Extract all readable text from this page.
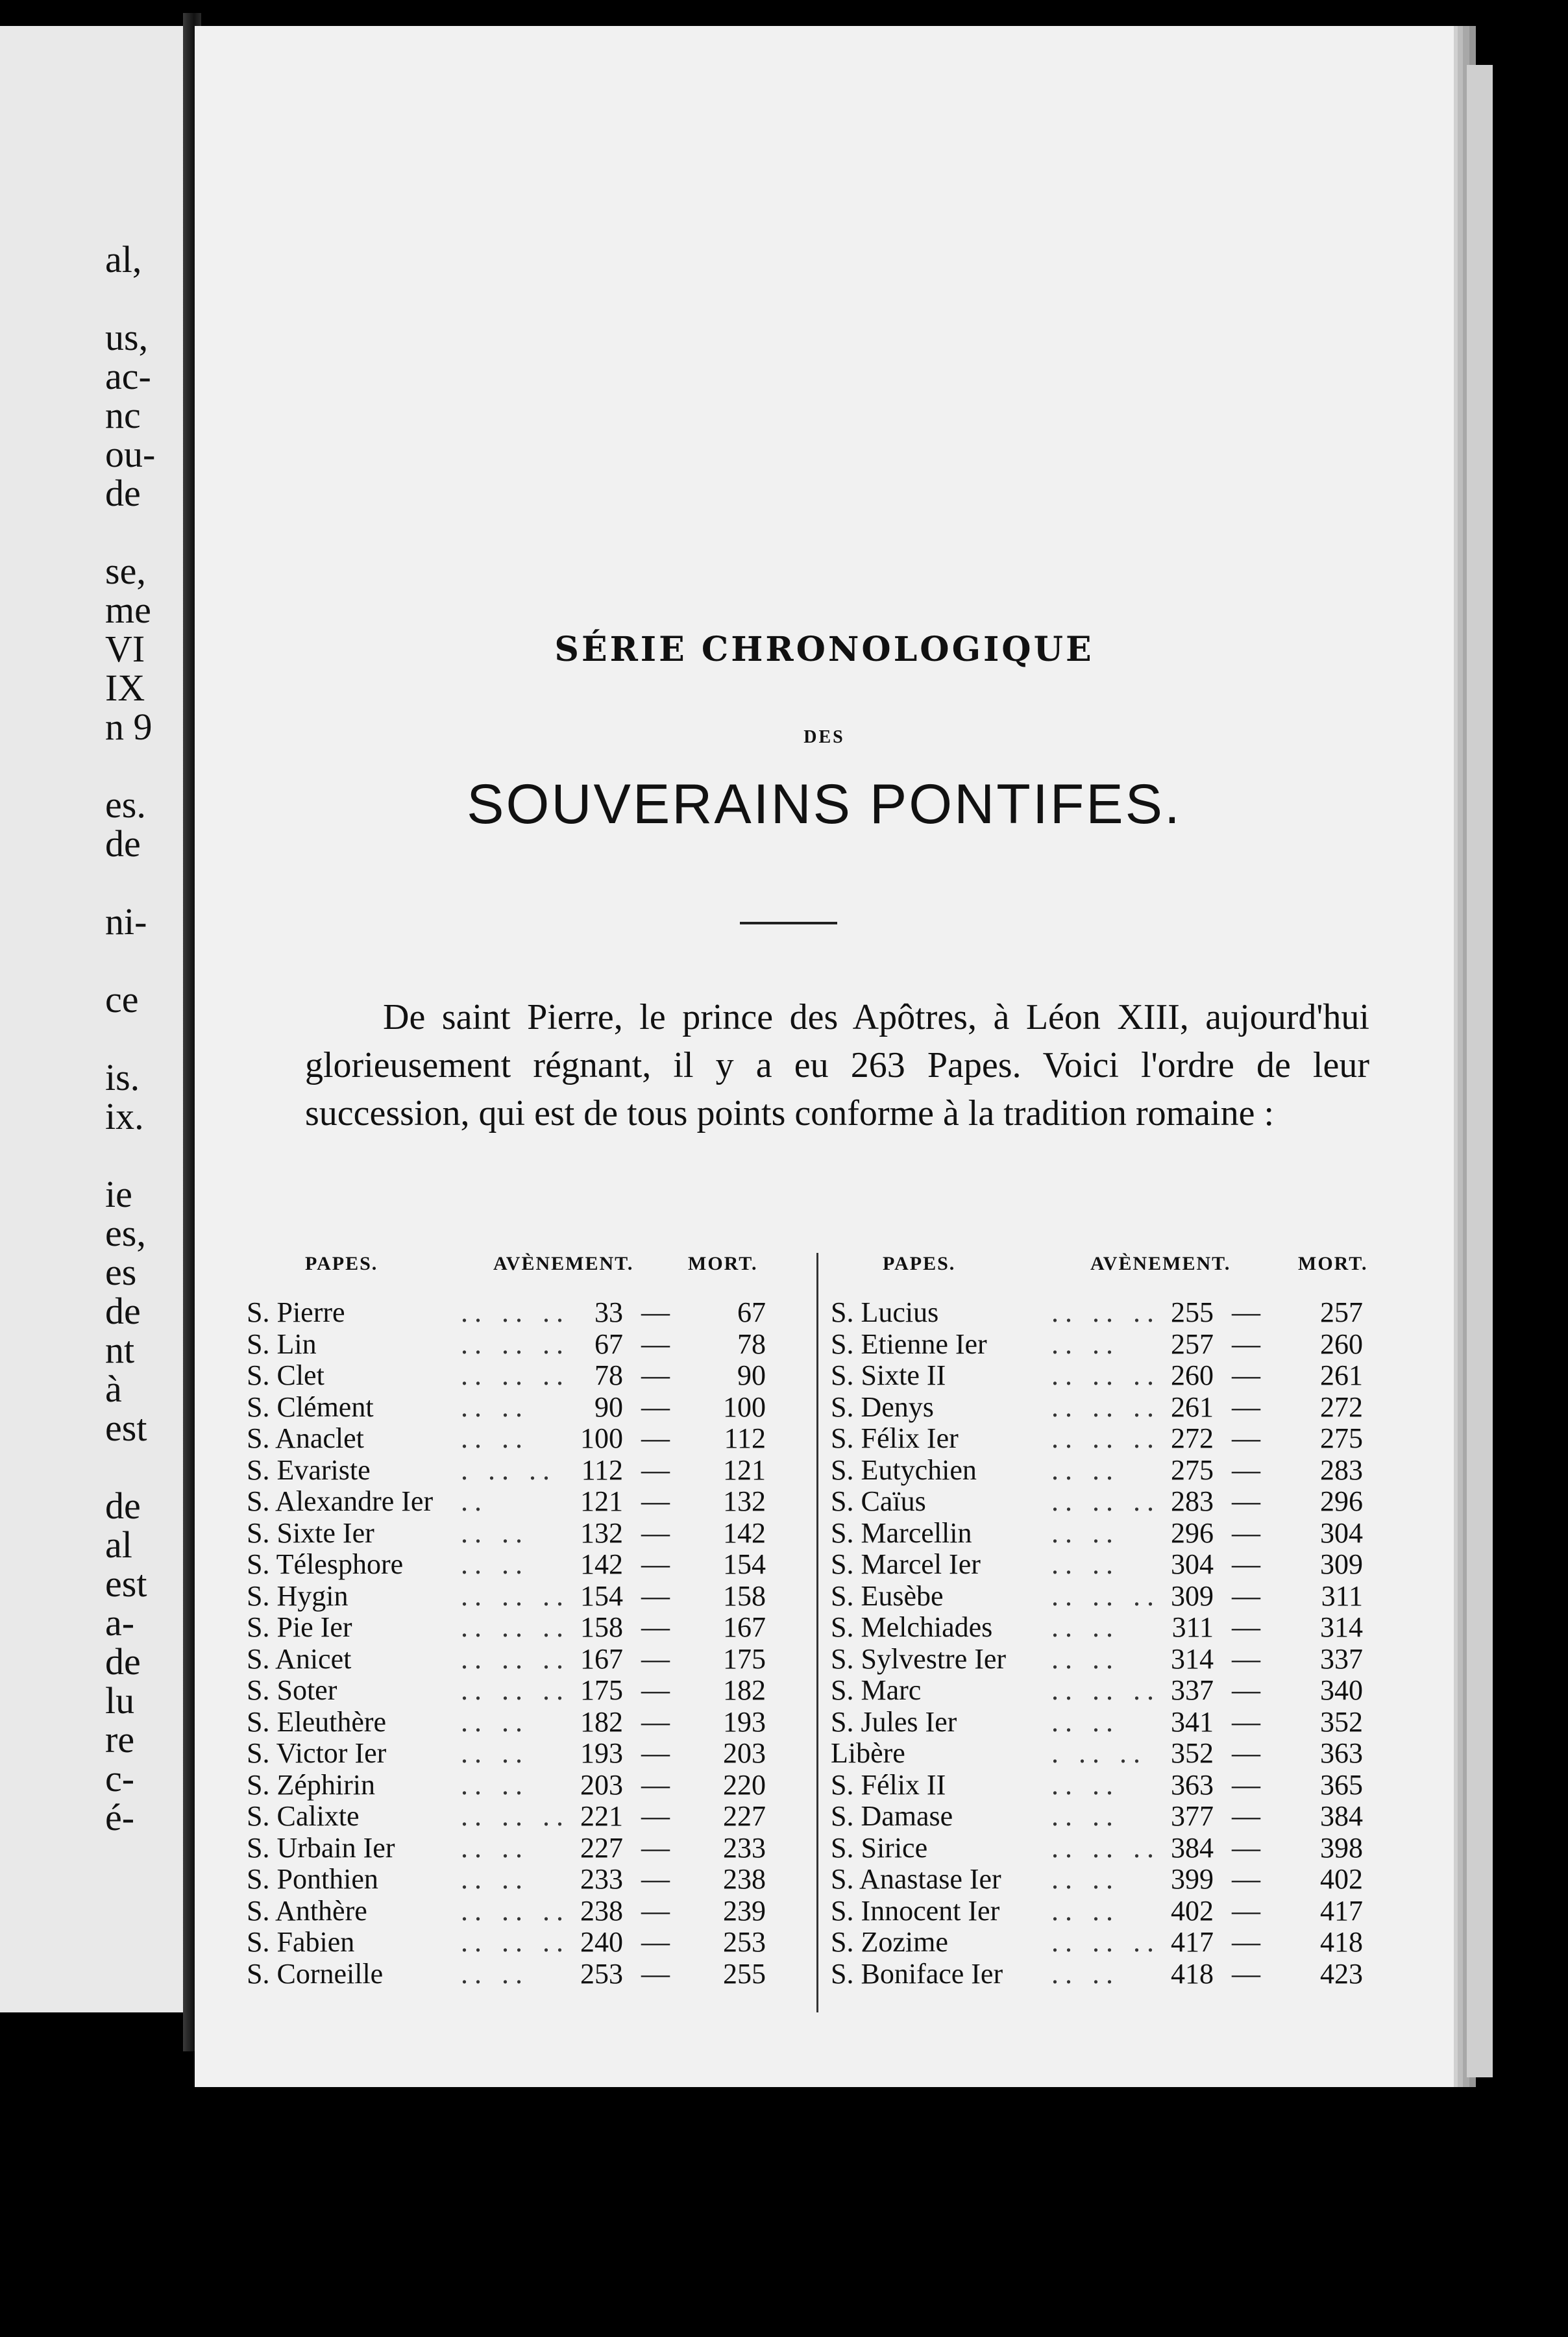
al,
us,
ac-
nc
ou-
de
se,
me
VI
IX
n 9
es.
de
ni-
ce
is.
ix.
ie
es,
es
de
nt
à
est
de
al
est
a-
de
lu
re
c-
é-
SÉRIE CHRONOLOGIQUE
DES
SOUVERAINS PONTIFES.
De saint Pierre, le prince des Apôtres, à Léon XIII, aujourd'hui glorieusement régnant, il y a eu 263 Papes. Voici l'ordre de leur succession, qui est de tous points conforme à la tradition romaine :
PAPES.	AVÈNEMENT.	MORT.
S. Pierre	.. .. .. 33 —	67
S. Lin	.. .. .. 67 —	78
S. Clet	.. .. .. 78 —	90
S. Clément	.. ..	90 —	100
S. Anaclet	.. ..	100 —	112
S. Evariste	. .. .. 112 —	121
S. Alexandre Ier ..	121 —	132
S. Sixte Ier	.. ..	132 —	142
S. Télesphore .. ..	142 —	154
S. Hygin	.. .. .. 154 —	158
S. Pie Ier	.. .. .. 158 —	167
S. Anicet	.. .. .. 167 —	175
S. Soter	.. .. .. 175 —	182
S. Eleuthère	.. ..	182 —	193
S. Victor Ier	.. ..	193 —	203
S. Zéphirin	.. ..	203 —	220
S. Calixte	.. .. .. 221 —	227
S. Urbain Ier .. ..	227 —	233
S. Ponthien	.. ..	233 —	238
S. Anthère	.. .. .. 238 —	239
S. Fabien	.. .. .. 240 —	253
S. Corneille	.. ..	253 —	255
PAPES.	AVÈNEMENT.	MORT.
S. Lucius	.. .. .. 255 —	257
S. Etienne Ier .. ..	257 —	260
S. Sixte II	.. .. .. 260 —	261
S. Denys	.. .. .. 261 —	272
S. Félix Ier	.. .. .. 272 —	275
S. Eutychien	.. ..	275 —	283
S. Caïus	.. .. .. 283 —	296
S. Marcellin	.. ..	296 —	304
S. Marcel Ier .. ..	304 —	309
S. Eusèbe	.. .. .. 309 —	311
S. Melchiades .. ..	311 —	314
S. Sylvestre Ier .. ..	314 —	337
S. Marc	.. .. .. 337 —	340
S. Jules Ier	.. ..	341 —	352
Libère	. .. .. 352 —	363
S. Félix II	.. ..	363 —	365
S. Damase	.. ..	377 —	384
S. Sirice	.. .. .. 384 —	398
S. Anastase Ier .. ..	399 —	402
S. Innocent Ier .. ..	402 —	417
S. Zozime	.. .. .. 417 —	418
S. Boniface Ier .. ..	418 —	423
